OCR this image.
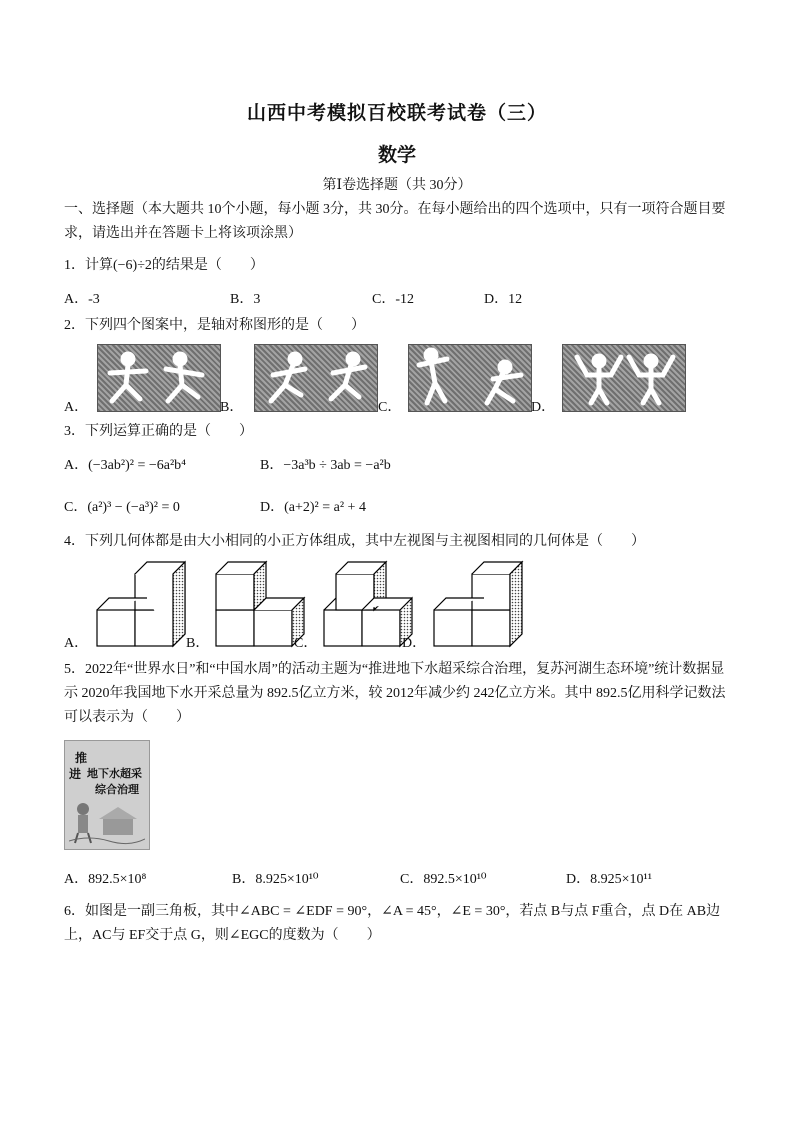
山西中考模拟百校联考试卷（三）
数学
第Ⅰ卷选择题（共 30分）
一、选择题（本大题共 10个小题，每小题 3分，共 30分。在每小题给出的四个选项中，只有一项符合题目要求，请选出并在答题卡上将该项涂黑）
1．计算(−6)÷2的结果是（　　）
A．-3	B．3	C．-12	D．12
2．下列四个图案中，是轴对称图形的是（　　）
A．	B．	C．	D．
3．下列运算正确的是（　　）
A．(−3ab²)² = −6a²b⁴	B．−3a³b ÷ 3ab = −a²b
C．(a²)³ − (−a³)² = 0	D．(a+2)² = a² + 4
4．下列几何体都是由大小相同的小正方体组成，其中左视图与主视图相同的几何体是（　　）
A．	B．	C．	D．
5．2022年“世界水日”和“中国水周”的活动主题为“推进地下水超采综合治理，复苏河湖生态环境”统计数据显示 2020年我国地下水开采总量为 892.5亿立方米，较 2012年减少约 242亿立方米。其中 892.5亿用科学记数法可以表示为（　　）
推
进 地下水超采
综合治理
A．892.5×10⁸	B．8.925×10¹⁰	C．892.5×10¹⁰	D．8.925×10¹¹
6．如图是一副三角板，其中∠ABC = ∠EDF = 90°，∠A = 45°，∠E = 30°，若点 B与点 F重合，点 D在 AB边上，AC与 EF交于点 G，则∠EGC的度数为（　　）
